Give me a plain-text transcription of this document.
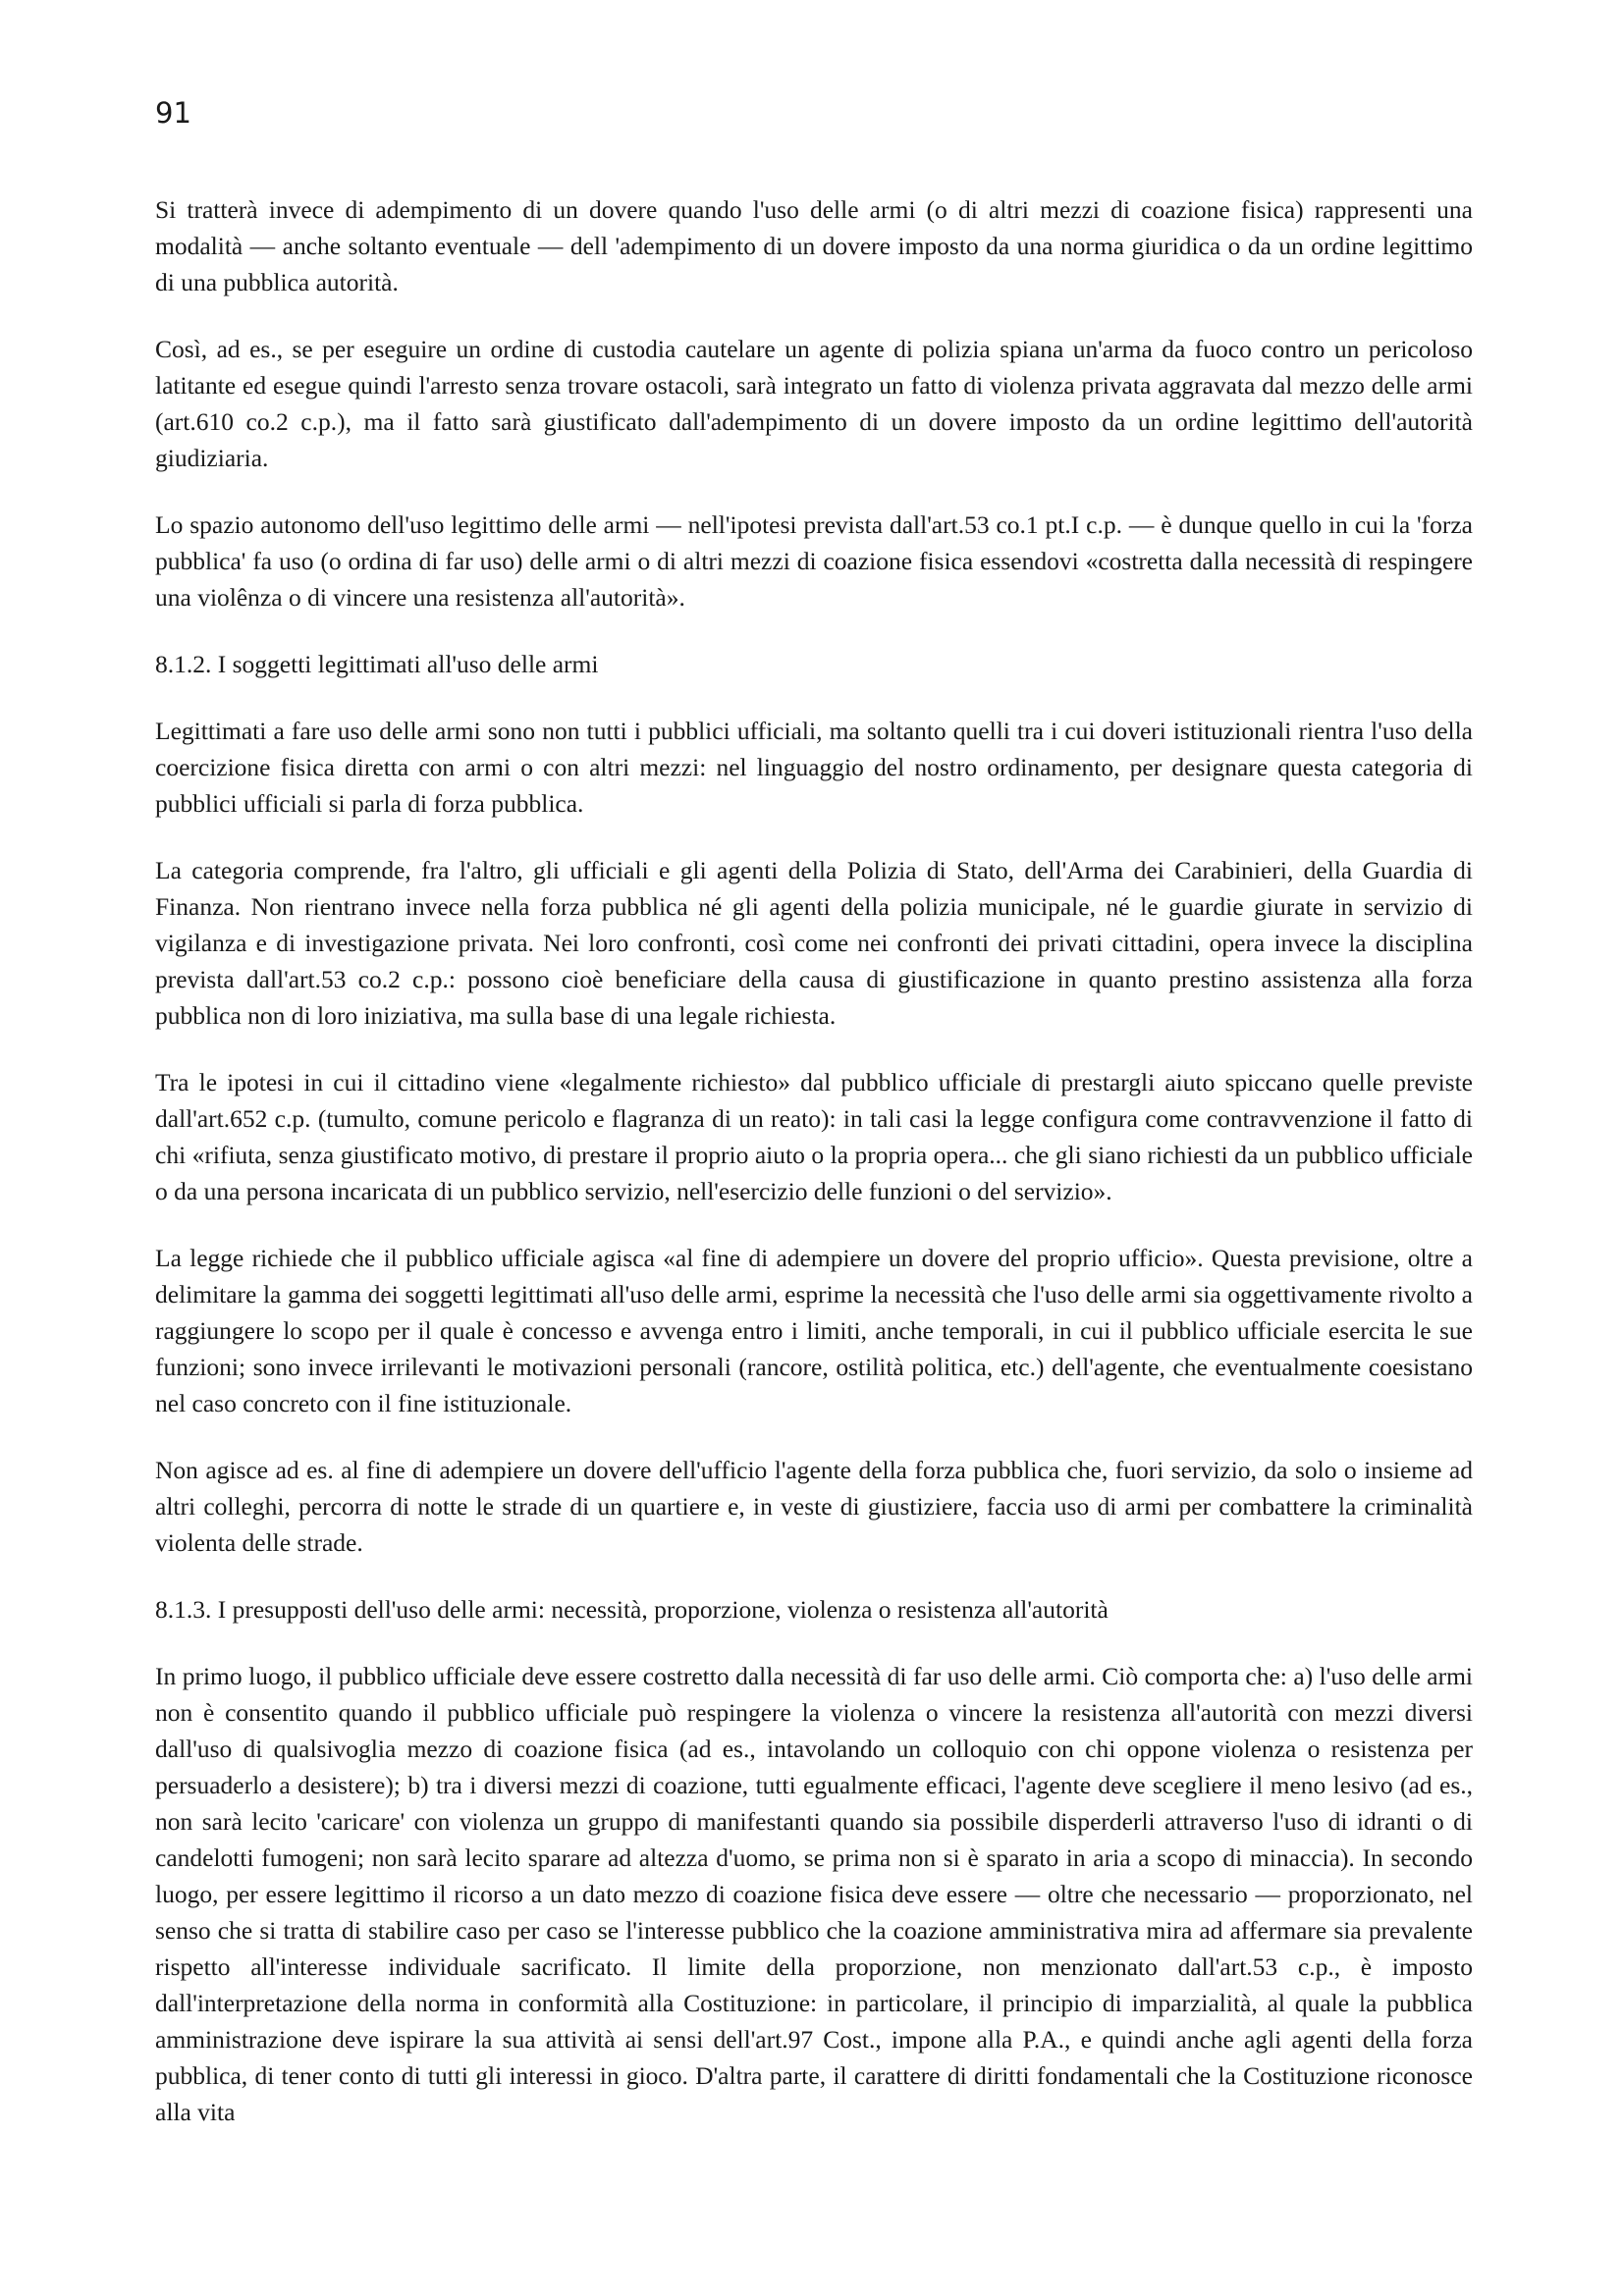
91

Si tratterà invece di adempimento di un dovere quando l'uso delle armi (o di altri mezzi di coazione fisica) rappresenti una modalità — anche soltanto eventuale — dell 'adempimento di un dovere imposto da una norma giuridica o da un ordine legittimo di una pubblica autorità.

Così, ad es., se per eseguire un ordine di custodia cautelare un agente di polizia spiana un'arma da fuoco contro un pericoloso latitante ed esegue quindi l'arresto senza trovare ostacoli, sarà integrato un fatto di violenza privata aggravata dal mezzo delle armi (art.610 co.2 c.p.), ma il fatto sarà giustificato dall'adempimento di un dovere imposto da un ordine legittimo dell'autorità giudiziaria.

Lo spazio autonomo dell'uso legittimo delle armi — nell'ipotesi prevista dall'art.53 co.1 pt.I c.p. — è dunque quello in cui la 'forza pubblica' fa uso (o ordina di far uso) delle armi o di altri mezzi di coazione fisica essendovi «costretta dalla necessità di respingere una violênza o di vincere una resistenza all'autorità».

8.1.2. I soggetti legittimati all'uso delle armi

Legittimati a fare uso delle armi sono non tutti i pubblici ufficiali, ma soltanto quelli tra i cui doveri istituzionali rientra l'uso della coercizione fisica diretta con armi o con altri mezzi: nel linguaggio del nostro ordinamento, per designare questa categoria di pubblici ufficiali si parla di forza pubblica.

La categoria comprende, fra l'altro, gli ufficiali e gli agenti della Polizia di Stato, dell'Arma dei Carabinieri, della Guardia di Finanza. Non rientrano invece nella forza pubblica né gli agenti della polizia municipale, né le guardie giurate in servizio di vigilanza e di investigazione privata. Nei loro confronti, così come nei confronti dei privati cittadini, opera invece la disciplina prevista dall'art.53 co.2 c.p.: possono cioè beneficiare della causa di giustificazione in quanto prestino assistenza alla forza pubblica non di loro iniziativa, ma sulla base di una legale richiesta.

Tra le ipotesi in cui il cittadino viene «legalmente richiesto» dal pubblico ufficiale di prestargli aiuto spiccano quelle previste dall'art.652 c.p. (tumulto, comune pericolo e flagranza di un reato): in tali casi la legge configura come contravvenzione il fatto di chi «rifiuta, senza giustificato motivo, di prestare il proprio aiuto o la propria opera... che gli siano richiesti da un pubblico ufficiale o da una persona incaricata di un pubblico servizio, nell'esercizio delle funzioni o del servizio».

La legge richiede che il pubblico ufficiale agisca «al fine di adempiere un dovere del proprio ufficio». Questa previsione, oltre a delimitare la gamma dei soggetti legittimati all'uso delle armi, esprime la necessità che l'uso delle armi sia oggettivamente rivolto a raggiungere lo scopo per il quale è concesso e avvenga entro i limiti, anche temporali, in cui il pubblico ufficiale esercita le sue funzioni; sono invece irrilevanti le motivazioni personali (rancore, ostilità politica, etc.) dell'agente, che eventualmente coesistano nel caso concreto con il fine istituzionale.

Non agisce ad es. al fine di adempiere un dovere dell'ufficio l'agente della forza pubblica che, fuori servizio, da solo o insieme ad altri colleghi, percorra di notte le strade di un quartiere e, in veste di giustiziere, faccia uso di armi per combattere la criminalità violenta delle strade.

8.1.3. I presupposti dell'uso delle armi: necessità, proporzione, violenza o resistenza all'autorità

In primo luogo, il pubblico ufficiale deve essere costretto dalla necessità di far uso delle armi. Ciò comporta che: a) l'uso delle armi non è consentito quando il pubblico ufficiale può respingere la violenza o vincere la resistenza all'autorità con mezzi diversi dall'uso di qualsivoglia mezzo di coazione fisica (ad es., intavolando un colloquio con chi oppone violenza o resistenza per persuaderlo a desistere); b) tra i diversi mezzi di coazione, tutti egualmente efficaci, l'agente deve scegliere il meno lesivo (ad es., non sarà lecito 'caricare' con violenza un gruppo di manifestanti quando sia possibile disperderli attraverso l'uso di idranti o di candelotti fumogeni; non sarà lecito sparare ad altezza d'uomo, se prima non si è sparato in aria a scopo di minaccia). In secondo luogo, per essere legittimo il ricorso a un dato mezzo di coazione fisica deve essere — oltre che necessario — proporzionato, nel senso che si tratta di stabilire caso per caso se l'interesse pubblico che la coazione amministrativa mira ad affermare sia prevalente rispetto all'interesse individuale sacrificato. Il limite della proporzione, non menzionato dall'art.53 c.p., è imposto dall'interpretazione della norma in conformità alla Costituzione: in particolare, il principio di imparzialità, al quale la pubblica amministrazione deve ispirare la sua attività ai sensi dell'art.97 Cost., impone alla P.A., e quindi anche agli agenti della forza pubblica, di tener conto di tutti gli interessi in gioco. D'altra parte, il carattere di diritti fondamentali che la Costituzione riconosce alla vita
